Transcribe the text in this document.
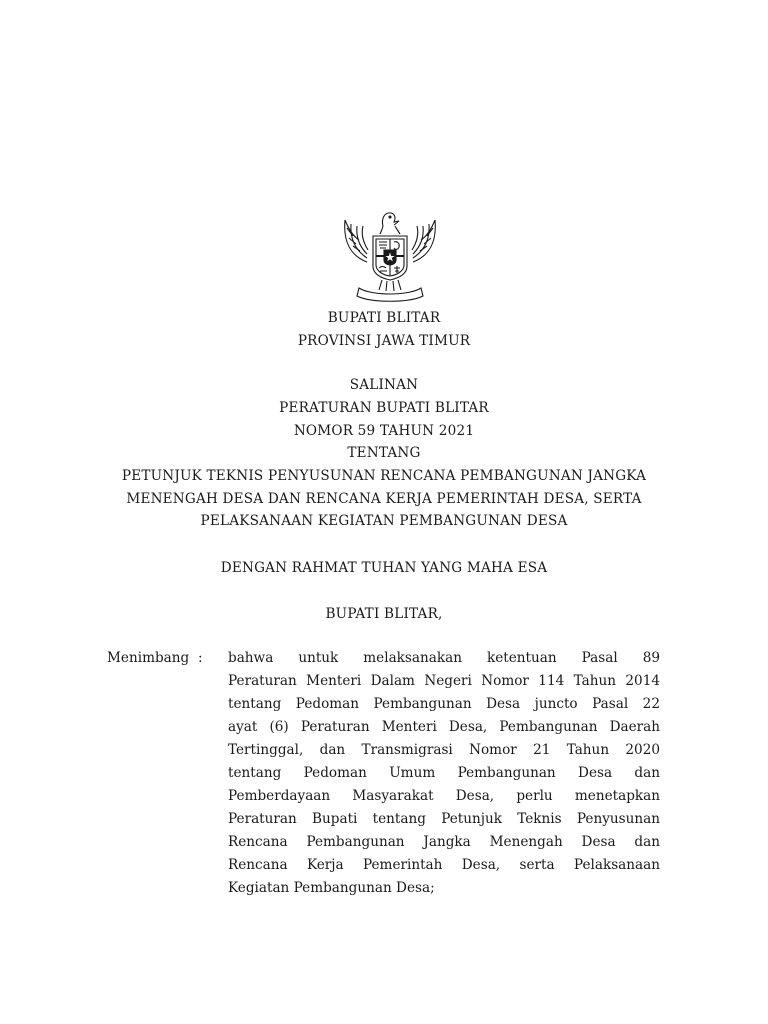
BUPATI BLITAR
PROVINSI JAWA TIMUR
SALINAN
PERATURAN BUPATI BLITAR
NOMOR 59 TAHUN 2021
TENTANG
PETUNJUK TEKNIS PENYUSUNAN RENCANA PEMBANGUNAN JANGKA
MENENGAH DESA DAN RENCANA KERJA PEMERINTAH DESA, SERTA
PELAKSANAAN KEGIATAN PEMBANGUNAN DESA
DENGAN RAHMAT TUHAN YANG MAHA ESA
BUPATI BLITAR,
Menimbang : bahwa untuk melaksanakan ketentuan Pasal 89
Peraturan Menteri Dalam Negeri Nomor 114 Tahun 2014
tentang Pedoman Pembangunan Desa juncto Pasal 22
ayat (6) Peraturan Menteri Desa, Pembangunan Daerah
Tertinggal, dan Transmigrasi Nomor 21 Tahun 2020
tentang Pedoman Umum Pembangunan Desa dan
Pemberdayaan Masyarakat Desa, perlu menetapkan
Peraturan Bupati tentang Petunjuk Teknis Penyusunan
Rencana Pembangunan Jangka Menengah Desa dan
Rencana Kerja Pemerintah Desa, serta Pelaksanaan
Kegiatan Pembangunan Desa;
